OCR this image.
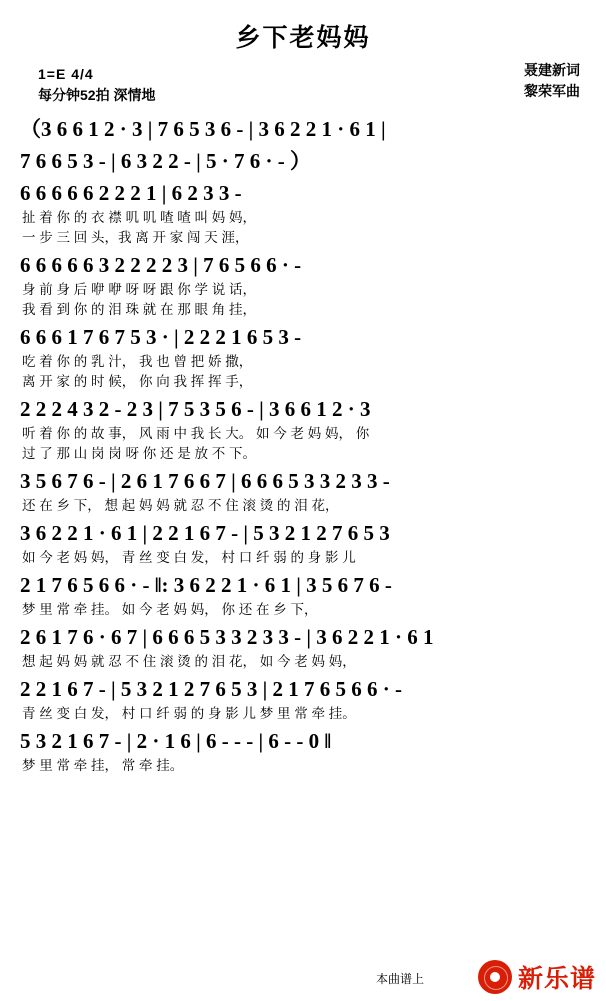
乡下老妈妈
1=E 4/4
每分钟52拍 深情地
聂建新词
黎荣军曲
（3 6 6 1 2 · 3 | 7 6 5 3 6 - | 3 6 2 2 1 · 6 1 |
7 6 6 5 3 - | 6 3 2 2 - | 5 · 7 6 · - ）
6 6 6 6 6 2 2 2 1 | 6 2 3 3 -
扯 着 你 的 衣 襟 叽 叽 喳 喳 叫 妈 妈，
一 步 三 回 头，我 离 开 家 闯 天 涯，
6 6 6 6 6 3 2 2 2 2 3 | 7 6 5 6 6 · -
身 前 身 后 咿 咿 呀 呀 跟 你 学 说 话，
我 看 到 你 的 泪 珠 就 在 那 眼 角 挂，
6 6 6 1 7 6 7 5 3 · | 2 2 2 1 6 5 3 -
吃 着 你 的 乳 汁， 我 也 曾 把 娇 撒，
离 开 家 的 时 候， 你 向 我 挥 挥 手，
2 2 2 4 3 2 - 2 3 | 7 5 3 5 6 - | 3 6 6 1 2 · 3
听 着 你 的 故 事， 风 雨 中 我 长 大。 如 今 老 妈 妈， 你
过 了 那 山 岗 岗 呀 你 还 是 放 不 下。
3 5 6 7 6 - | 2 6 1 7 6 6 7 | 6 6 6 5 3 3 2 3 3 -
还 在 乡 下， 想 起 妈 妈 就 忍 不 住 滚 烫 的 泪 花，
3 6 2 2 1 · 6 1 | 2 2 1 6 7 - | 5 3 2 1 2 7 6 5 3
如 今 老 妈 妈， 青 丝 变 白 发， 村 口 纤 弱 的 身 影 儿
2 1 7 6 5 6 6 · - ‖: 3 6 2 2 1 · 6 1 | 3 5 6 7 6 -
梦 里 常 牵 挂。 如 今 老 妈 妈， 你 还 在 乡 下，
2 6 1 7 6 · 6 7 | 6 6 6 5 3 3 2 3 3 - | 3 6 2 2 1 · 6 1
想 起 妈 妈 就 忍 不 住 滚 烫 的 泪 花， 如 今 老 妈 妈，
2 2 1 6 7 - | 5 3 2 1 2 7 6 5 3 | 2 1 7 6 5 6 6 · -
青 丝 变 白 发， 村 口 纤 弱 的 身 影 儿 梦 里 常 牵 挂。
5 3 2 1 6 7 - | 2 · 1 6 | 6 - - - | 6 - - 0 ‖
梦 里 常 牵 挂， 常 牵 挂。
本曲谱上	新乐谱
